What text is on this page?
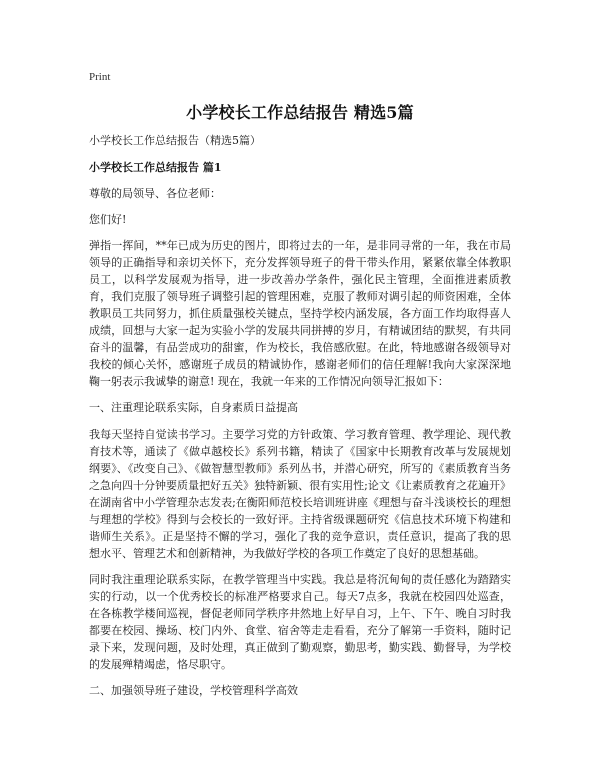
Print
小学校长工作总结报告 精选5篇

小学校长工作总结报告（精选5篇）

小学校长工作总结报告 篇1

尊敬的局领导、各位老师：

您们好!

弹指一挥间，**年已成为历史的图片，即将过去的一年，是非同寻常的一年，我在市局领导的正确指导和亲切关怀下，充分发挥领导班子的骨干带头作用，紧紧依靠全体教职员工，以科学发展观为指导，进一步改善办学条件，强化民主管理，全面推进素质教育，我们克服了领导班子调整引起的管理困难，克服了教师对调引起的师资困难，全体教职员工共同努力，抓住质量强校关键点，坚持学校内涵发展，各方面工作均取得喜人成绩，回想与大家一起为实验小学的发展共同拼搏的岁月，有精诚团结的默契，有共同奋斗的温馨，有品尝成功的甜蜜，作为校长，我倍感欣慰。在此，特地感谢各级领导对我校的倾心关怀，感谢班子成员的精诚协作，感谢老师们的信任理解!我向大家深深地鞠一躬表示我诚挚的谢意! 现在，我就一年来的工作情况向领导汇报如下：

一、注重理论联系实际，自身素质日益提高

我每天坚持自觉读书学习。主要学习党的方针政策、学习教育管理、教学理论、现代教育技术等，通读了《做卓越校长》系列书籍，精读了《国家中长期教育改革与发展规划纲要》、《改变自己》、《做智慧型教师》系列丛书，并潜心研究，所写的《素质教育当务之急向四十分钟要质量把好五关》独特新颖、很有实用性;论文《让素质教育之花遍开》在湖南省中小学管理杂志发表;在衡阳师范校长培训班讲座《理想与奋斗浅谈校长的理想与理想的学校》得到与会校长的一致好评。主持省级课题研究《信息技术环境下构建和谐师生关系》。正是坚持不懈的学习，强化了我的竞争意识，责任意识，提高了我的思想水平、管理艺术和创新精神，为我做好学校的各项工作奠定了良好的思想基础。

同时我注重理论联系实际，在教学管理当中实践。我总是将沉甸甸的责任感化为踏踏实实的行动，以一个优秀校长的标准严格要求自己。每天7点多，我就在校园四处巡查，在各栋教学楼间巡视，督促老师同学秩序井然地上好早自习，上午、下午、晚自习时我都要在校园、操场、校门内外、食堂、宿舍等走走看看，充分了解第一手资料，随时记录下来，发现问题，及时处理，真正做到了勤观察，勤思考，勤实践、勤督导，为学校的发展殚精竭虑，恪尽职守。

二、加强领导班子建设，学校管理科学高效
